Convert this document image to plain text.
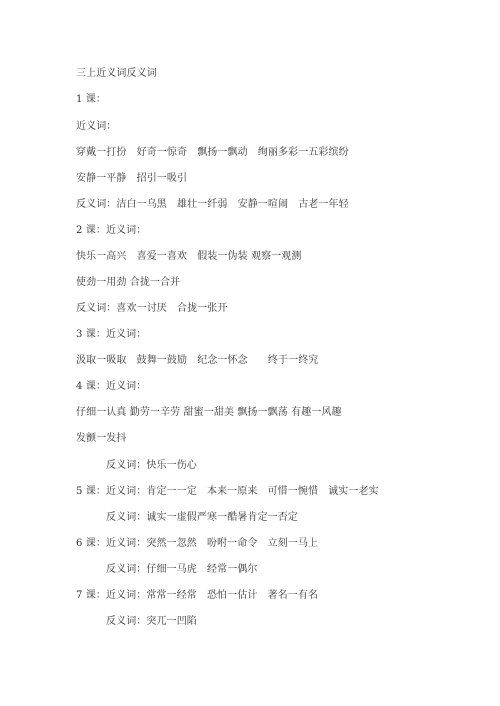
三上近义词反义词
1 课：
近义词：
穿戴一打扮　好奇一惊奇　飘扬一飘动　绚丽多彩一五彩缤纷
安静一平静　招引一吸引
反义词：洁白一乌黑　雄壮一纤弱　安静一喧闹　古老一年轻
2 课：近义词：
快乐一高兴　喜爱一喜欢　假装一伪装 观察一观测
使劲一用劲 合拢一合并
反义词：喜欢一讨厌　合拢一张开
3 课：近义词：
汲取一吸取　鼓舞一鼓励　纪念一怀念　　终于一终究
4 课：近义词：
仔细一认真 勤劳一辛劳 甜蜜一甜美 飘扬一飘荡 有趣一风趣
发颤一发抖
反义词：快乐一伤心
5 课：近义词：肯定一一定　本来一原来　可惜一惋惜　诚实一老实
反义词：诚实一虚假严寒一酷暑肯定一否定
6 课：近义词：突然一忽然　吩咐一命令　立刻一马上
反义词：仔细一马虎　经常一偶尔
7 课：近义词：常常一经常　恐怕一估计　著名一有名
反义词：突兀一凹陷
